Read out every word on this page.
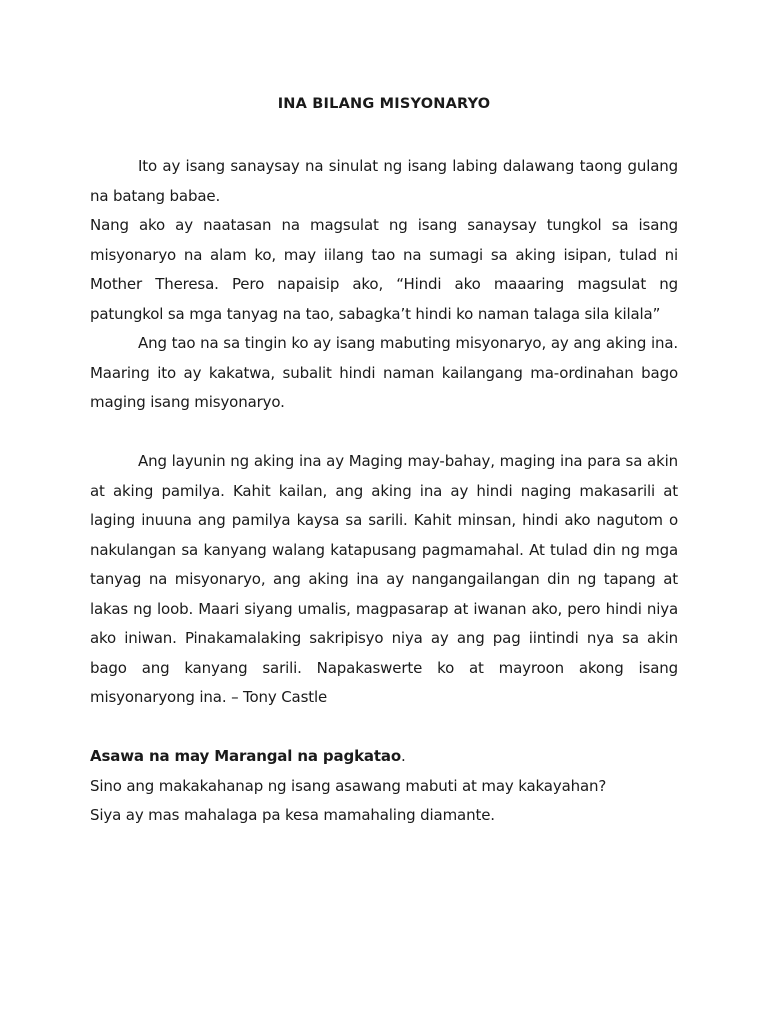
INA BILANG MISYONARYO

Ito ay isang sanaysay na sinulat ng isang labing dalawang taong gulang na batang babae.

Nang ako ay naatasan na magsulat ng isang sanaysay tungkol sa isang misyonaryo na alam ko, may iilang tao na sumagi sa aking isipan, tulad ni Mother Theresa. Pero napaisip ako, “Hindi ako maaaring magsulat ng patungkol sa mga tanyag na tao, sabagka’t hindi ko naman talaga sila kilala”

Ang tao na sa tingin ko ay isang mabuting misyonaryo, ay ang aking ina. Maaring ito ay kakatwa, subalit hindi naman kailangang ma-ordinahan bago maging isang misyonaryo.

Ang layunin ng aking ina ay Maging may-bahay, maging ina para sa akin at aking pamilya. Kahit kailan, ang aking ina ay hindi naging makasarili at laging inuuna ang pamilya kaysa sa sarili. Kahit minsan, hindi ako nagutom o nakulangan sa kanyang walang katapusang pagmamahal. At tulad din ng mga tanyag na misyonaryo, ang aking ina ay nangangailangan din ng tapang at lakas ng loob. Maari siyang umalis, magpasarap at iwanan ako, pero hindi niya ako iniwan. Pinakamalaking sakripisyo niya ay ang pag iintindi nya sa akin bago ang kanyang sarili. Napakaswerte ko at mayroon akong isang misyonaryong ina. – Tony Castle

Asawa na may Marangal na pagkatao.

Sino ang makakahanap ng isang asawang mabuti at may kakayahan?

Siya ay mas mahalaga pa kesa mamahaling diamante.
